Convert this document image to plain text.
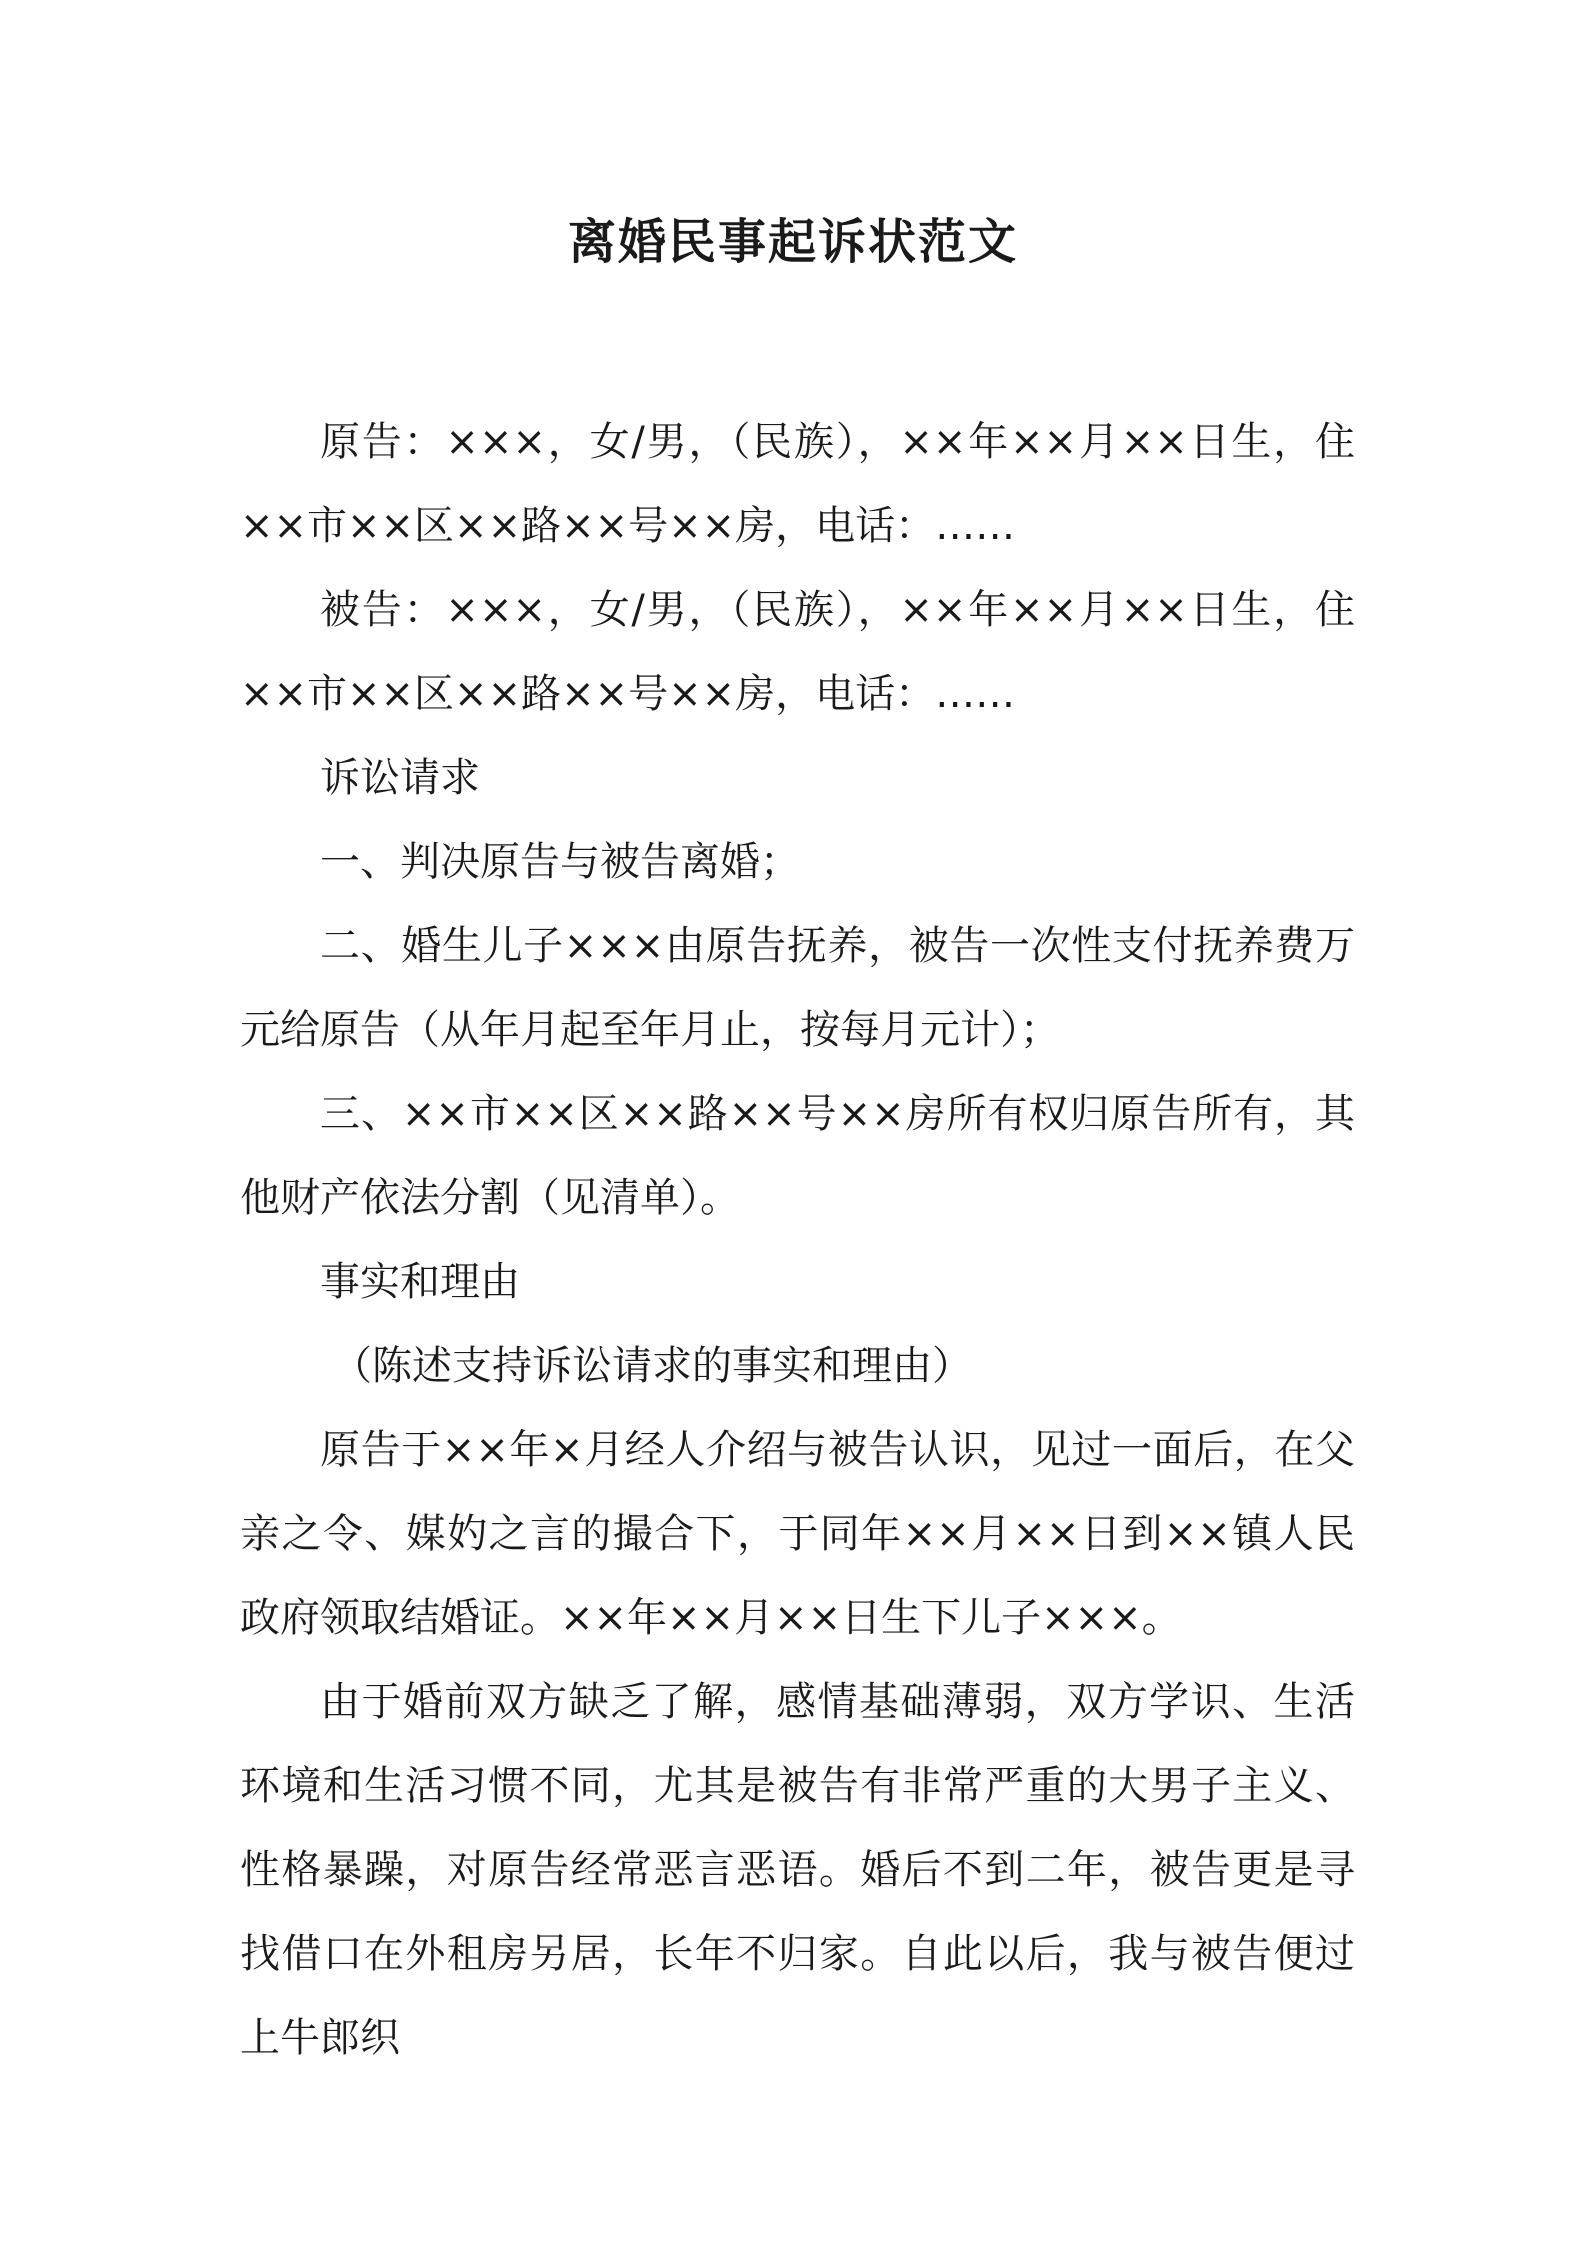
离婚民事起诉状范文

原告：×××，女/男，（民族），××年××月××日生，住××市××区××路××号××房，电话：……

被告：×××，女/男，（民族），××年××月××日生，住××市××区××路××号××房，电话：……

诉讼请求

一、判决原告与被告离婚；

二、婚生儿子×××由原告抚养，被告一次性支付抚养费万元给原告（从年月起至年月止，按每月元计）；

三、××市××区××路××号××房所有权归原告所有，其他财产依法分割（见清单）。

事实和理由

（陈述支持诉讼请求的事实和理由）

原告于××年×月经人介绍与被告认识，见过一面后，在父亲之令、媒妁之言的撮合下，于同年××月××日到××镇人民政府领取结婚证。××年××月××日生下儿子×××。

由于婚前双方缺乏了解，感情基础薄弱，双方学识、生活环境和生活习惯不同，尤其是被告有非常严重的大男子主义、性格暴躁，对原告经常恶言恶语。婚后不到二年，被告更是寻找借口在外租房另居，长年不归家。自此以后，我与被告便过上牛郎织
